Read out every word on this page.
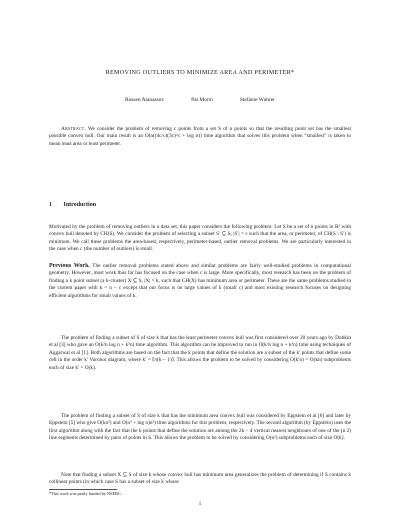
REMOVING OUTLIERS TO MINIMIZE AREA AND PERIMETER*
Rossen Atanassov	Pat Morin	Stefanie Wuhrer

Abstract. We consider the problem of removing c points from a set S of n points so that the resulting point set has the smallest possible convex hull. Our main result is an O(n((4c/c)(3c)^c + log n)) time algorithm that solves this problem when “smallest” is taken to mean least area or least perimeter.

1 Introduction

Motivated by the problem of removing outliers in a data set, this paper considers the following problem: Let S be a set of n points in R² with convex hull denoted by CH(S). We consider the problem of selecting a subset S′ ⊆ S, |S′| = c such that the area, or perimeter, of CH(S \ S′) is minimum. We call these problems the area-based, respectively, perimeter-based, outlier removal problems. We are particularly interested in the case when c (the number of outliers) is small.

Previous Work. The outlier removal problems stated above and similar problems are fairly well-studied problems in computational geometry. However, most work thus far has focused on the case when c is large. More specifically, most research has been on the problem of finding a k point subset (a k-cluster) X ⊆ S, |X| = k, such that CH(X) has minimum area or perimeter. These are the same problems studied in the current paper with k = n − c except that our focus is on large values of k (small c) and most existing research focuses on designing efficient algorithms for small values of k.

The problem of finding a subset of S of size k that has the least perimeter convex hull was first considered over 20 years ago by Dobkin et al [3] who gave an O(k²n log n + k⁵n) time algorithm. This algorithm can be improved to run in O(k²n log n + k³n) time using techniques of Aggarwal et al [1]. Both algorithms are based on the fact that the k points that define the solution are a subset of the k′ points that define some cell in the order k′ Voronoi diagram, where k′ = ⌈π(k − 1)⌉. This allows the problem to be solved by considering O(k′n) = O(kn) subproblems each of size k′ = O(k).

The problem of finding a subset of S of size k that has the minimum area convex hull was considered by Eppstein et al [6] and later by Eppstein [5] who give O(kn³) and O(n³ + log n)n²) time algorithms for this problem, respectively. The second algorithm (by Eppstein) uses the first algorithm along with the fact that the k points that define the solution are among the 2k − 4 vertical nearest neighbours of one of the (n 2) line segments determined by pairs of points in S. This allows the problem to be solved by considering O(n²) subproblems each of size O(k).

Note that finding a subset X ⊆ S of size k whose convex hull has minimum area generalizes the problem of determining if S contains k collinear points (in which case S has a subset of size k whose

*This work was partly funded by NSERC.
1
